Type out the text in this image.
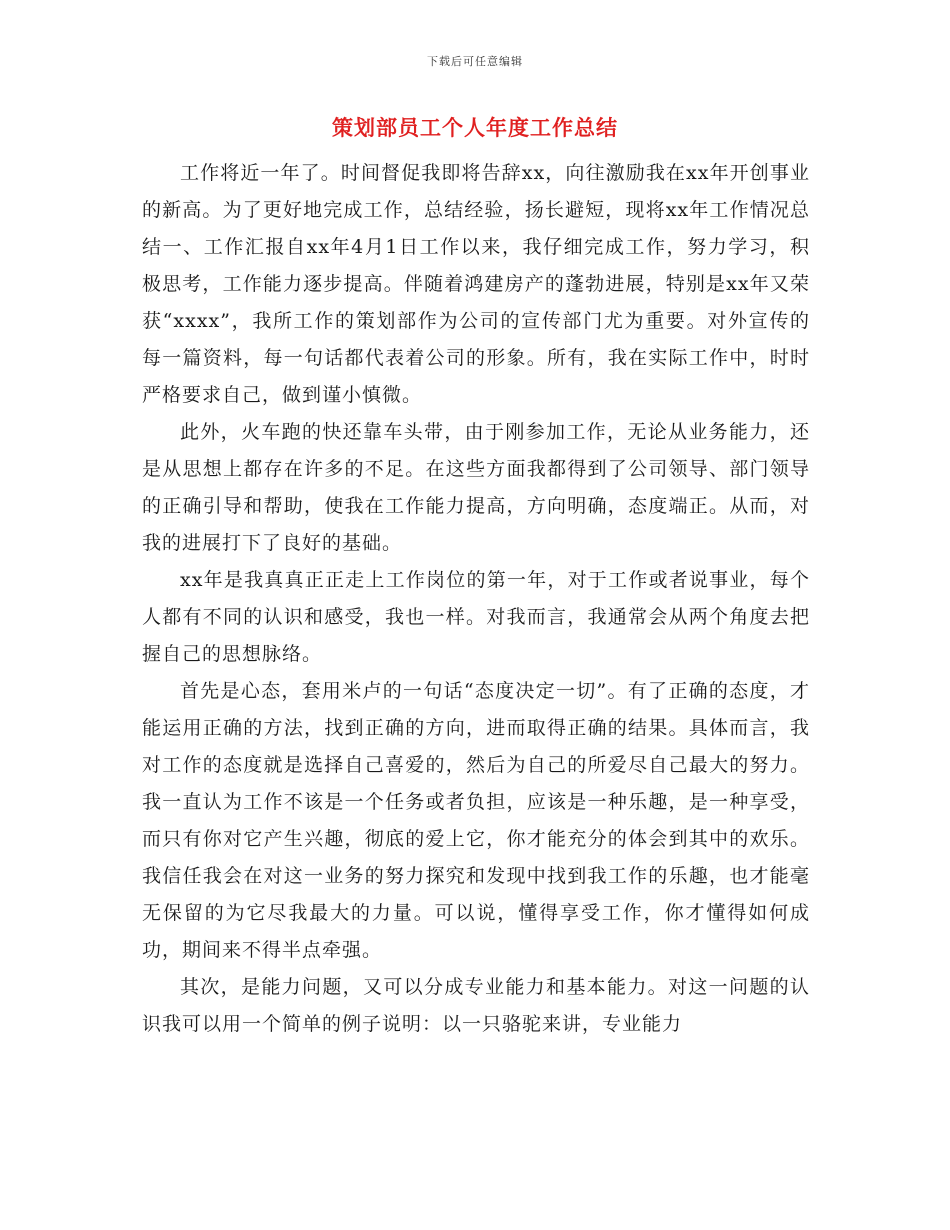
下载后可任意编辑
策划部员工个人年度工作总结

工作将近一年了。时间督促我即将告辞xx，向往激励我在xx年开创事业的新高。为了更好地完成工作，总结经验，扬长避短，现将xx年工作情况总结一、工作汇报自xx年4月1日工作以来，我仔细完成工作，努力学习，积极思考，工作能力逐步提高。伴随着鸿建房产的蓬勃进展，特别是xx年又荣获“xxxx”，我所工作的策划部作为公司的宣传部门尤为重要。对外宣传的每一篇资料，每一句话都代表着公司的形象。所有，我在实际工作中，时时严格要求自己，做到谨小慎微。

此外，火车跑的快还靠车头带，由于刚参加工作，无论从业务能力，还是从思想上都存在许多的不足。在这些方面我都得到了公司领导、部门领导的正确引导和帮助，使我在工作能力提高，方向明确，态度端正。从而，对我的进展打下了良好的基础。

xx年是我真真正正走上工作岗位的第一年，对于工作或者说事业，每个人都有不同的认识和感受，我也一样。对我而言，我通常会从两个角度去把握自己的思想脉络。

首先是心态，套用米卢的一句话“态度决定一切”。有了正确的态度，才能运用正确的方法，找到正确的方向，进而取得正确的结果。具体而言，我对工作的态度就是选择自己喜爱的，然后为自己的所爱尽自己最大的努力。我一直认为工作不该是一个任务或者负担，应该是一种乐趣，是一种享受，而只有你对它产生兴趣，彻底的爱上它，你才能充分的体会到其中的欢乐。我信任我会在对这一业务的努力探究和发现中找到我工作的乐趣，也才能毫无保留的为它尽我最大的力量。可以说，懂得享受工作，你才懂得如何成功，期间来不得半点牵强。

其次，是能力问题，又可以分成专业能力和基本能力。对这一问题的认识我可以用一个简单的例子说明：以一只骆驼来讲，专业能力
